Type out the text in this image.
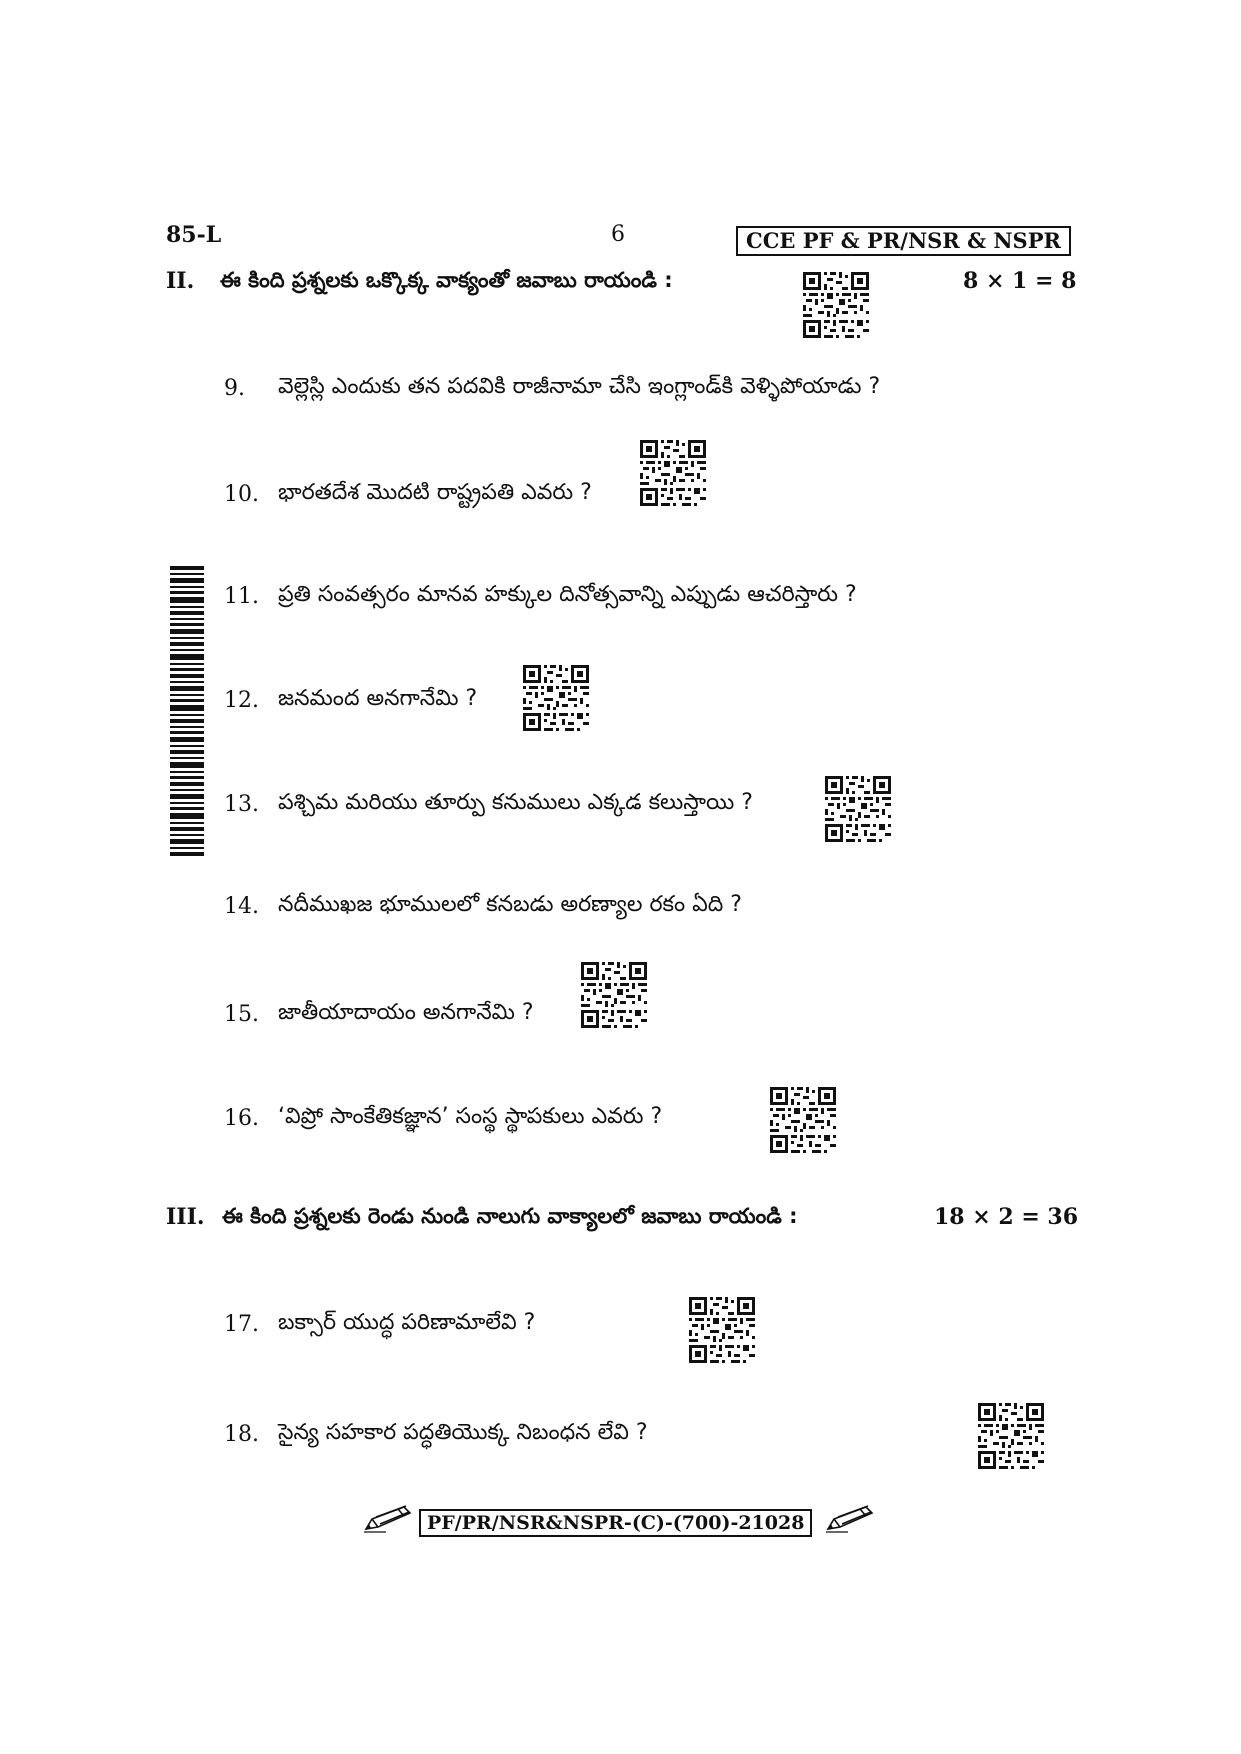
85-L	6	CCE PF & PR/NSR & NSPR
II. ఈ కింది ప్రశ్నలకు ఒక్కొక్క వాక్యంతో జవాబు రాయండి :	8 × 1 = 8
9.	వెల్లెస్లి ఎందుకు తన పదవికి రాజీనామా చేసి ఇంగ్లాండ్‌కి వెళ్ళిపోయాడు ?
10. భారతదేశ మొదటి రాష్ట్రపతి ఎవరు ?
11. ప్రతి సంవత్సరం మానవ హక్కుల దినోత్సవాన్ని ఎప్పుడు ఆచరిస్తారు ?
12. జనమంద అనగానేమి ?
13. పశ్చిమ మరియు తూర్పు కనుములు ఎక్కడ కలుస్తాయి ?
14. నదీముఖజ భూములలో కనబడు అరణ్యాల రకం ఏది ?
15. జాతీయాదాయం అనగానేమి ?
16. ‘విప్రో సాంకేతికజ్ఞాన’ సంస్థ స్థాపకులు ఎవరు ?
III. ఈ కింది ప్రశ్నలకు రెండు నుండి నాలుగు వాక్యాలలో జవాబు రాయండి :	18 × 2 = 36
17. బక్సార్ యుద్ధ పరిణామాలేవి ?
18. సైన్య సహకార పద్ధతియొక్క నిబంధన లేవి ?
PF/PR/NSR&NSPR-(C)-(700)-21028
